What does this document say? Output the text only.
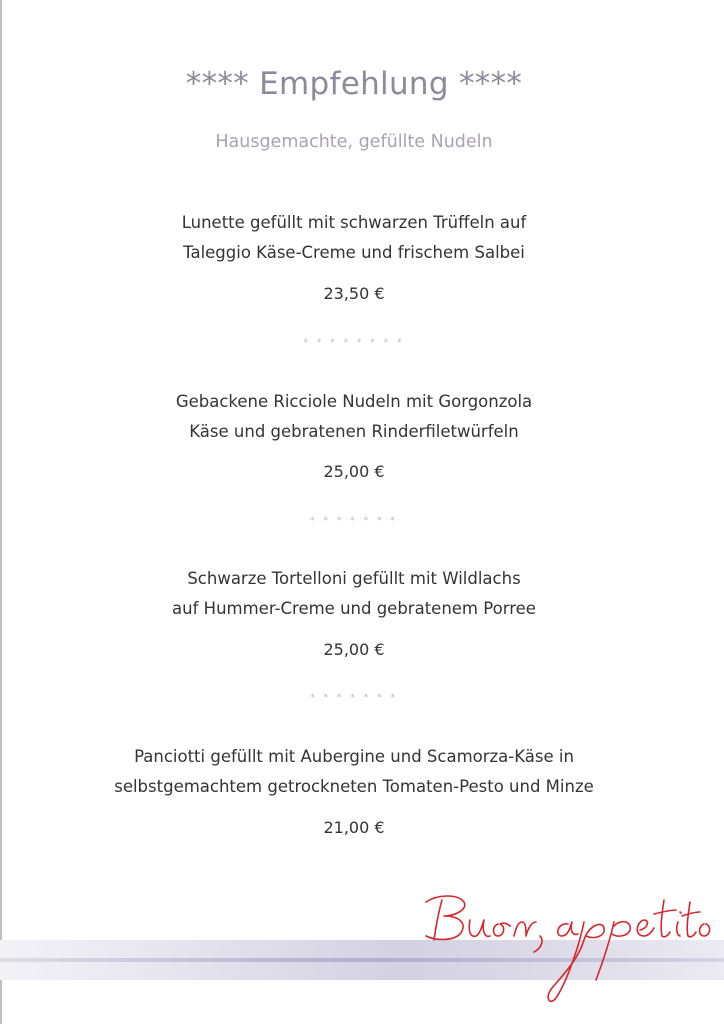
**** Empfehlung ****
Hausgemachte, gefüllte Nudeln
Lunette gefüllt mit schwarzen Trüffeln auf
Taleggio Käse-Creme und frischem Salbei
23,50 €
* * * * * * * *
Gebackene Ricciole Nudeln mit Gorgonzola
Käse und gebratenen Rinderfiletwürfeln
25,00 €
* * * * * * *
Schwarze Tortelloni gefüllt mit Wildlachs
auf Hummer-Creme und gebratenem Porree
25,00 €
* * * * * * *
Panciotti gefüllt mit Aubergine und Scamorza-Käse in
selbstgemachtem getrockneten Tomaten-Pesto und Minze
21,00 €
Buon appetito
